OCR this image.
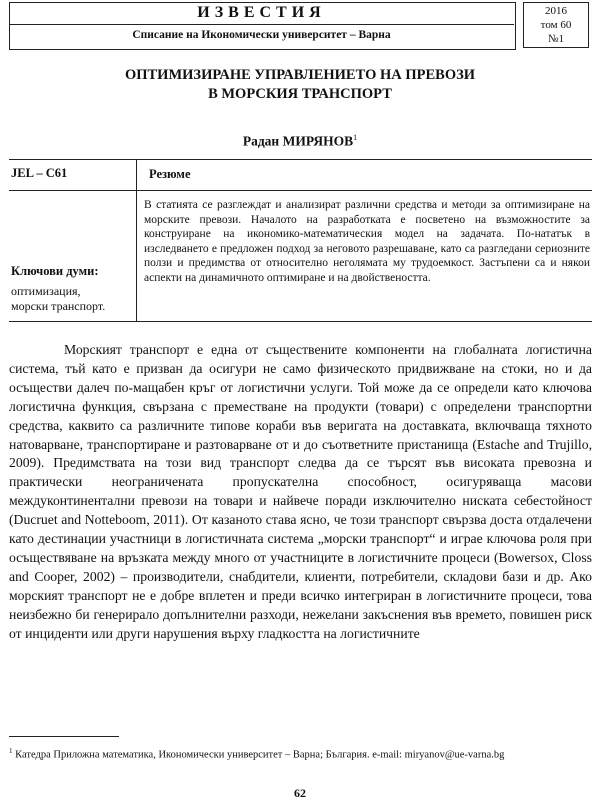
ИЗВЕСТИЯ
Списание на Икономически университет – Варна
2016
том 60
№1
ОПТИМИЗИРАНЕ УПРАВЛЕНИЕТО НА ПРЕВОЗИ
В МОРСКИЯ ТРАНСПОРТ
Радан МИРЯНОВ$^1$
JEL – C61	Резюме
Ключови думи:
оптимизация,
морски транспорт.
В статията се разглеждат и анализират различни средства и методи за оптимизиране на морските превози. Началото на разработката е посветено на възможностите за конструиране на икономико-математическия модел на задачата. По-нататък в изследването е предложен подход за неговото разрешаване, като са разгледани сериозните ползи и предимства от относително неголямата му трудоемкост. Застъпени са и някои аспекти на динамичното оптимиране и на двойствеността.
Морският транспорт е една от съществените компоненти на глобалната логистична система, тъй като е призван да осигури не само физическото придвижване на стоки, но и да осъществи далеч по-мащабен кръг от логистични услуги. Той може да се определи като ключова логистична функция, свързана с преместване на продукти (товари) с определени транспортни средства, каквито са различните типове кораби във веригата на доставката, включваща тяхното натоварване, транспортиране и разтоварване от и до съответните пристанища (Estache and Trujillo, 2009). Предимствата на този вид транспорт следва да се търсят във високата превозна и практически неограничената пропускателна способност, осигуряваща масови междуконтинентални превози на товари и найвече поради изключително ниската себестойност (Ducruet and Notteboom, 2011). От казаното става ясно, че този транспорт свързва доста отдалечени като дестинации участници в логистичната система „морски транспорт“ и играе ключова роля при осъществяване на връзката между много от участниците в логистичните процеси (Bowersox, Closs and Cooper, 2002) – производители, снабдители, клиенти, потребители, складови бази и др. Ако морският транспорт не е добре вплетен и преди всичко интегриран в логистичните процеси, това неизбежно би генерирало допълнителни разходи, нежелани закъснения във времето, повишен риск от инциденти или други нарушения върху гладкостта на логистичните
$^1$ Катедра Приложна математика, Икономически университет – Варна; България. e-mail: miryanov@ue-varna.bg
62
